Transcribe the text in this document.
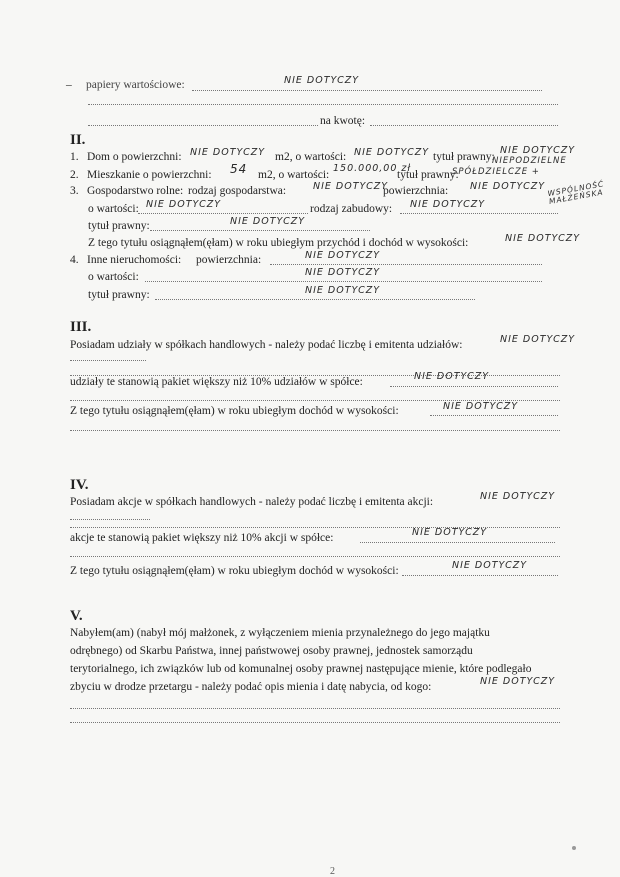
– papiery wartościowe:	NIE DOTYCZY
na kwotę:
II.
1. Dom o powierzchni: NIE DOTYCZY m2, o wartości: NIE DOTYCZY tytuł prawny:
NIE DOTYCZY
2. Mieszkanie o powierzchni: 54 m2, o wartości:
150.000,00 zł
tytuł prawny:
NIEPODZIELNE
SPÓŁDZIELCZE +
WSPÓLNOŚĆ MAŁŻEŃSKA
3. Gospodarstwo rolne: rodzaj gospodarstwa:	NIE DOTYCZY
powierzchnia: NIE DOTYCZY
o wartości: NIE DOTYCZY	rodzaj zabudowy: NIE DOTYCZY
tytuł prawny:	NIE DOTYCZY
Z tego tytułu osiągnąłem(ęłam) w roku ubiegłym przychód i dochód w wysokości:	NIE DOTYCZY
4. Inne nieruchomości: powierzchnia:	NIE DOTYCZY
o wartości:	NIE DOTYCZY
tytuł prawny:	NIE DOTYCZY
III.
Posiadam udziały w spółkach handlowych - należy podać liczbę i emitenta udziałów:	NIE DOTYCZY
udziały te stanowią pakiet większy niż 10% udziałów w spółce:	NIE DOTYCZY
Z tego tytułu osiągnąłem(ęłam) w roku ubiegłym dochód w wysokości:	NIE DOTYCZY
IV.
Posiadam akcje w spółkach handlowych - należy podać liczbę i emitenta akcji:	NIE DOTYCZY
akcje te stanowią pakiet większy niż 10% akcji w spółce:	NIE DOTYCZY
Z tego tytułu osiągnąłem(ęłam) w roku ubiegłym dochód w wysokości:	NIE DOTYCZY
V.
Nabyłem(am) (nabył mój małżonek, z wyłączeniem mienia przynależnego do jego majątku
odrębnego) od Skarbu Państwa, innej państwowej osoby prawnej, jednostek samorządu
terytorialnego, ich związków lub od komunalnej osoby prawnej następujące mienie, które podlegało
zbyciu w drodze przetargu - należy podać opis mienia i datę nabycia, od kogo:	NIE DOTYCZY
2
